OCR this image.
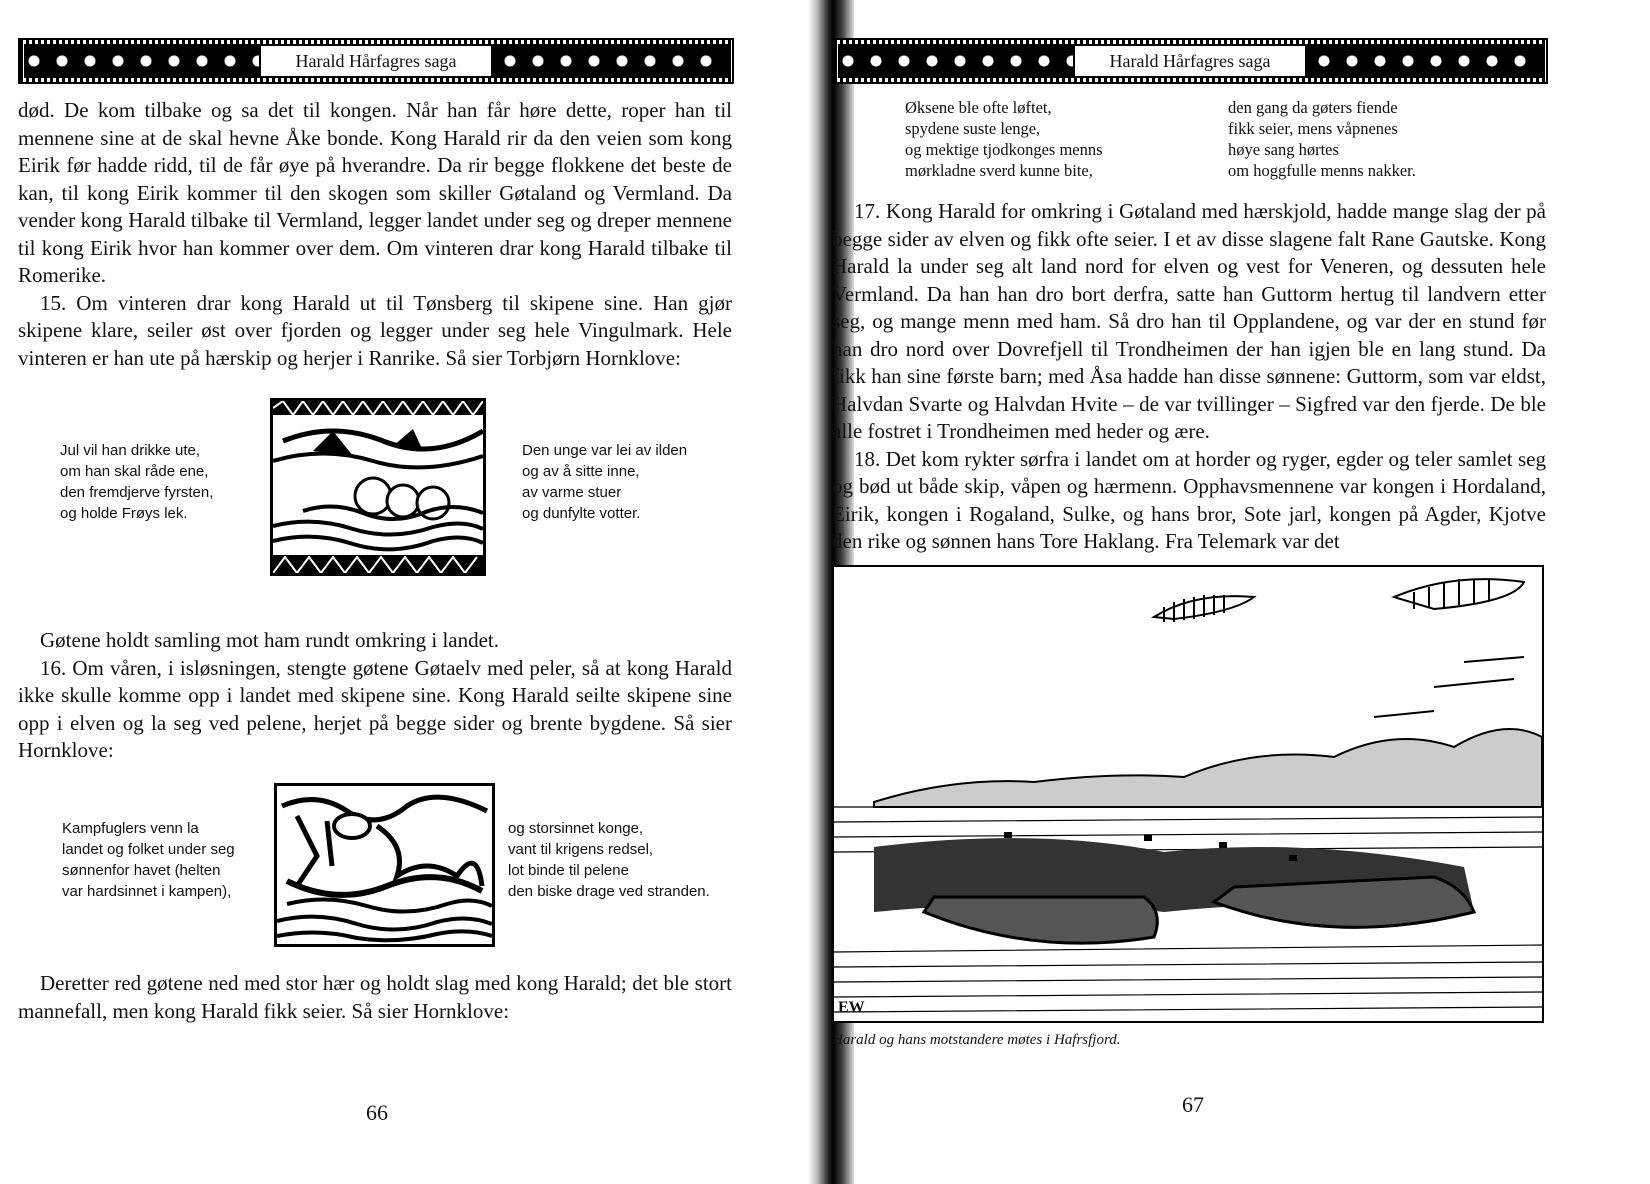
Harald Hårfagres saga

død. De kom tilbake og sa det til kongen. Når han får høre dette, roper han til mennene sine at de skal hevne Åke bonde. Kong Harald rir da den veien som kong Eirik før hadde ridd, til de får øye på hverandre. Da rir begge flokkene det beste de kan, til kong Eirik kommer til den skogen som skiller Gøtaland og Vermland. Da vender kong Harald tilbake til Vermland, legger landet under seg og dreper mennene til kong Eirik hvor han kommer over dem. Om vinteren drar kong Harald tilbake til Romerike.

15. Om vinteren drar kong Harald ut til Tønsberg til skipene sine. Han gjør skipene klare, seiler øst over fjorden og legger under seg hele Vingulmark. Hele vinteren er han ute på hærskip og herjer i Ranrike. Så sier Torbjørn Hornklove:

Jul vil han drikke ute,
om han skal råde ene,
den fremdjerve fyrsten,
og holde Frøys lek.
Den unge var lei av ilden
og av å sitte inne,
av varme stuer
og dunfylte votter.

Gøtene holdt samling mot ham rundt omkring i landet.

16. Om våren, i isløsningen, stengte gøtene Gøtaelv med peler, så at kong Harald ikke skulle komme opp i landet med skipene sine. Kong Harald seilte skipene sine opp i elven og la seg ved pelene, herjet på begge sider og brente bygdene. Så sier Hornklove:

Kampfuglers venn la
landet og folket under seg
sønnenfor havet (helten
var hardsinnet i kampen),
og storsinnet konge,
vant til krigens redsel,
lot binde til pelene
den biske drage ved stranden.

Deretter red gøtene ned med stor hær og holdt slag med kong Harald; det ble stort mannefall, men kong Harald fikk seier. Så sier Hornklove:

66
Harald Hårfagres saga
Øksene ble ofte løftet,
spydene suste lenge,
og mektige tjodkonges menns
mørkladne sverd kunne bite,
den gang da gøters fiende
fikk seier, mens våpnenes
høye sang hørtes
om hoggfulle menns nakker.

17. Kong Harald for omkring i Gøtaland med hærskjold, hadde mange slag der på begge sider av elven og fikk ofte seier. I et av disse slagene falt Rane Gautske. Kong Harald la under seg alt land nord for elven og vest for Veneren, og dessuten hele Vermland. Da han han dro bort derfra, satte han Guttorm hertug til landvern etter seg, og mange menn med ham. Så dro han til Opplandene, og var der en stund før han dro nord over Dovrefjell til Trondheimen der han igjen ble en lang stund. Da fikk han sine første barn; med Åsa hadde han disse sønnene: Guttorm, som var eldst, Halvdan Svarte og Halvdan Hvite – de var tvillinger – Sigfred var den fjerde. De ble alle fostret i Trondheimen med heder og ære.

18. Det kom rykter sørfra i landet om at horder og ryger, egder og teler samlet seg og bød ut både skip, våpen og hærmenn. Opphavsmennene var kongen i Hordaland, Eirik, kongen i Rogaland, Sulke, og hans bror, Sote jarl, kongen på Agder, Kjotve den rike og sønnen hans Tore Haklang. Fra Telemark var det

EW
Harald og hans motstandere møtes i Hafrsfjord.
67
